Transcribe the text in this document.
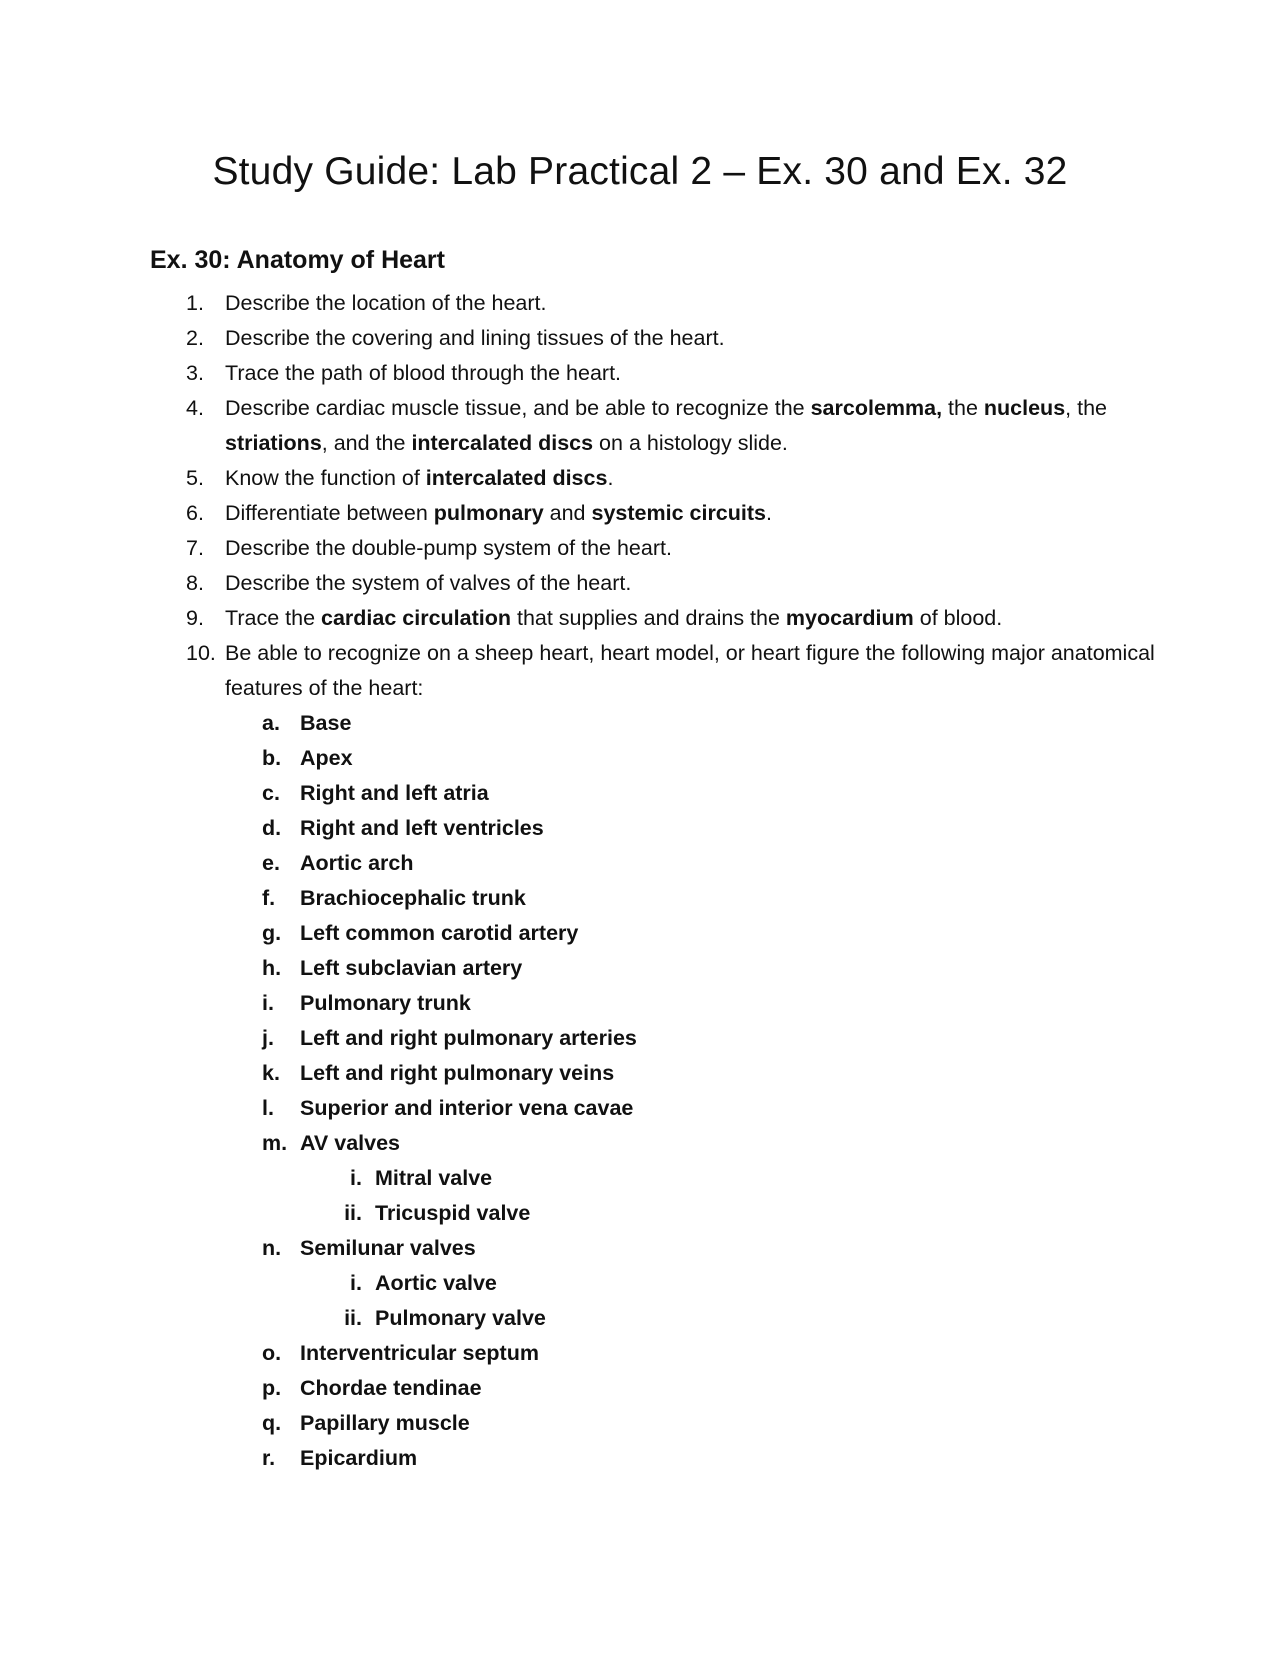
Study Guide: Lab Practical 2 – Ex. 30 and Ex. 32
Ex. 30: Anatomy of Heart
1. Describe the location of the heart.
2. Describe the covering and lining tissues of the heart.
3. Trace the path of blood through the heart.
4. Describe cardiac muscle tissue, and be able to recognize the sarcolemma, the nucleus, the striations, and the intercalated discs on a histology slide.
5. Know the function of intercalated discs.
6. Differentiate between pulmonary and systemic circuits.
7. Describe the double-pump system of the heart.
8. Describe the system of valves of the heart.
9. Trace the cardiac circulation that supplies and drains the myocardium of blood.
10. Be able to recognize on a sheep heart, heart model, or heart figure the following major anatomical features of the heart:
a. Base
b. Apex
c. Right and left atria
d. Right and left ventricles
e. Aortic arch
f.	Brachiocephalic trunk
g. Left common carotid artery
h. Left subclavian artery
i.	Pulmonary trunk
j.	Left and right pulmonary arteries
k. Left and right pulmonary veins
l.	Superior and interior vena cavae
m. AV valves
i. Mitral valve
ii. Tricuspid valve
n. Semilunar valves
i. Aortic valve
ii. Pulmonary valve
o. Interventricular septum
p. Chordae tendinae
q. Papillary muscle
r.	Epicardium
